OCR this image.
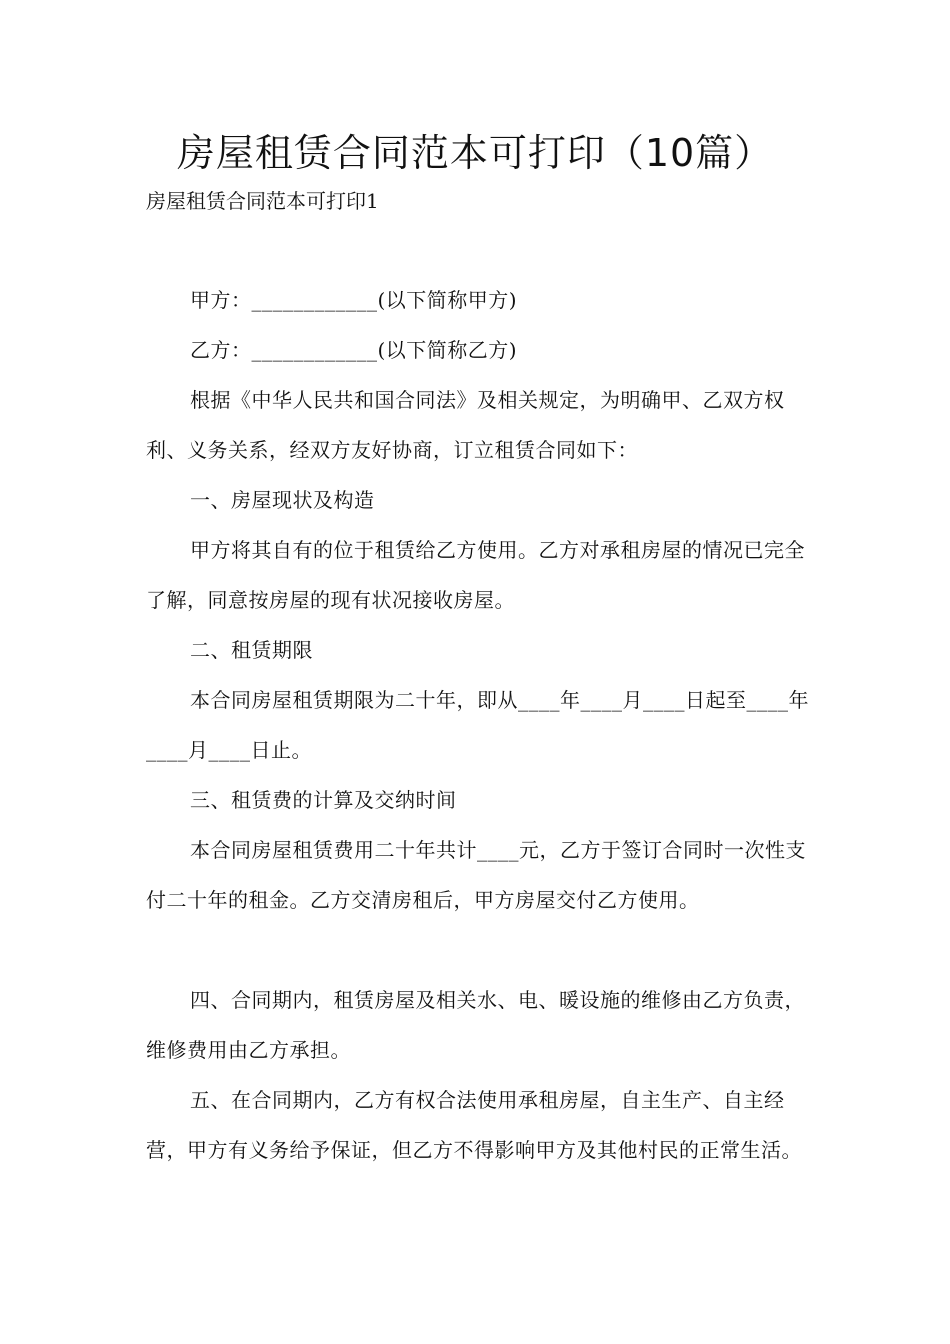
房屋租赁合同范本可打印（10篇）

房屋租赁合同范本可打印1

甲方：____________(以下简称甲方)

乙方：____________(以下简称乙方)

根据《中华人民共和国合同法》及相关规定，为明确甲、乙双方权利、义务关系，经双方友好协商，订立租赁合同如下：

一、房屋现状及构造

甲方将其自有的位于租赁给乙方使用。乙方对承租房屋的情况已完全了解，同意按房屋的现有状况接收房屋。

二、租赁期限

本合同房屋租赁期限为二十年，即从____年____月____日起至____年____月____日止。

三、租赁费的计算及交纳时间

本合同房屋租赁费用二十年共计____元，乙方于签订合同时一次性支付二十年的租金。乙方交清房租后，甲方房屋交付乙方使用。

四、合同期内，租赁房屋及相关水、电、暖设施的维修由乙方负责，维修费用由乙方承担。

五、在合同期内，乙方有权合法使用承租房屋，自主生产、自主经营，甲方有义务给予保证，但乙方不得影响甲方及其他村民的正常生活。
